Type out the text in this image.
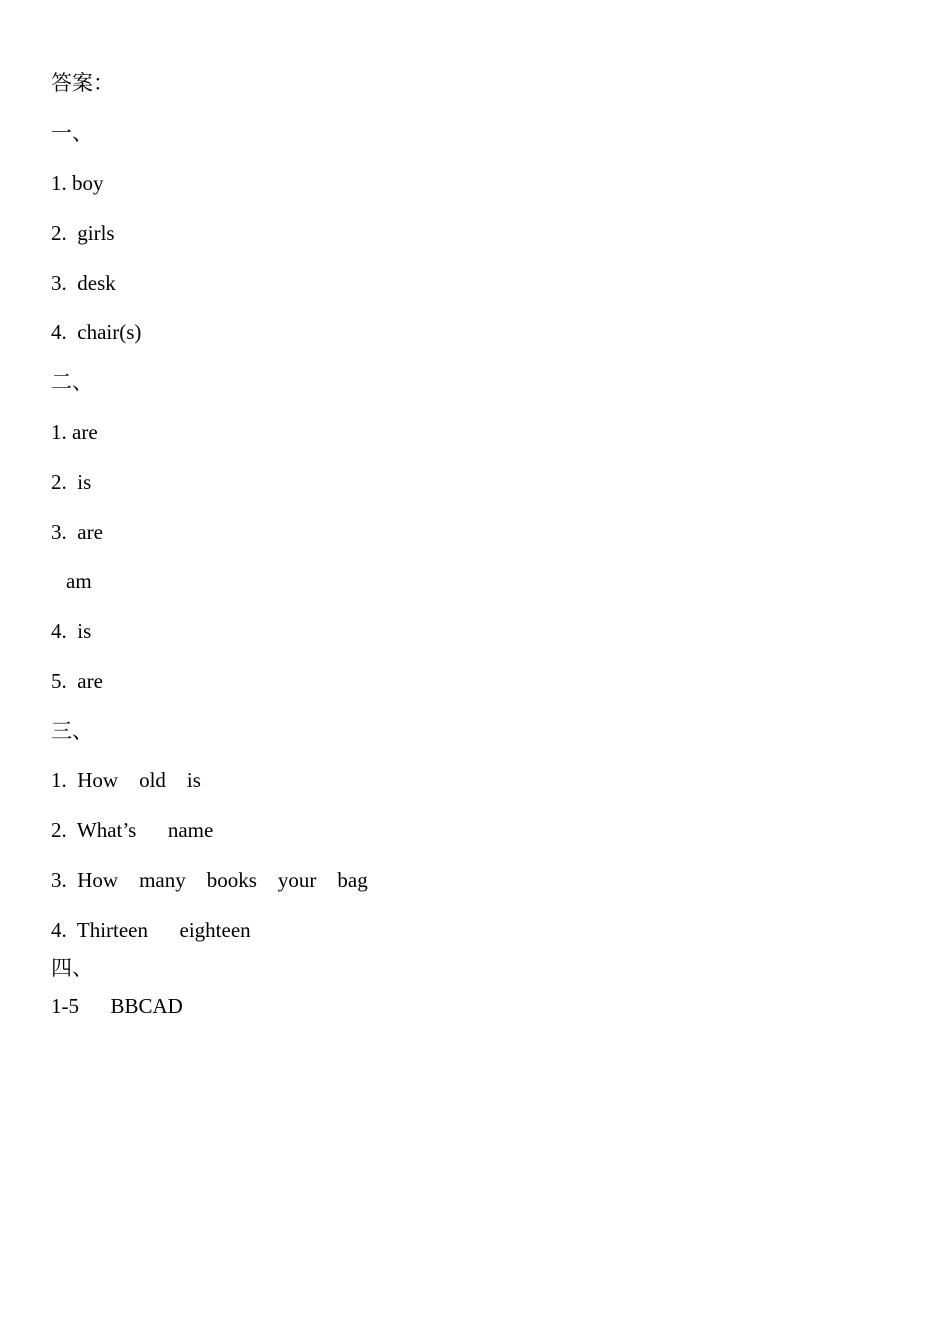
答案：
一、
1. boy
2.  girls
3.  desk
4.  chair(s)
二、
1. are
2.  is
3.  are
am
4.  is
5.  are
三、
1.  How    old    is
2.  What’s      name
3.  How    many    books    your    bag
4.  Thirteen      eighteen
四、
1-5      BBCAD
